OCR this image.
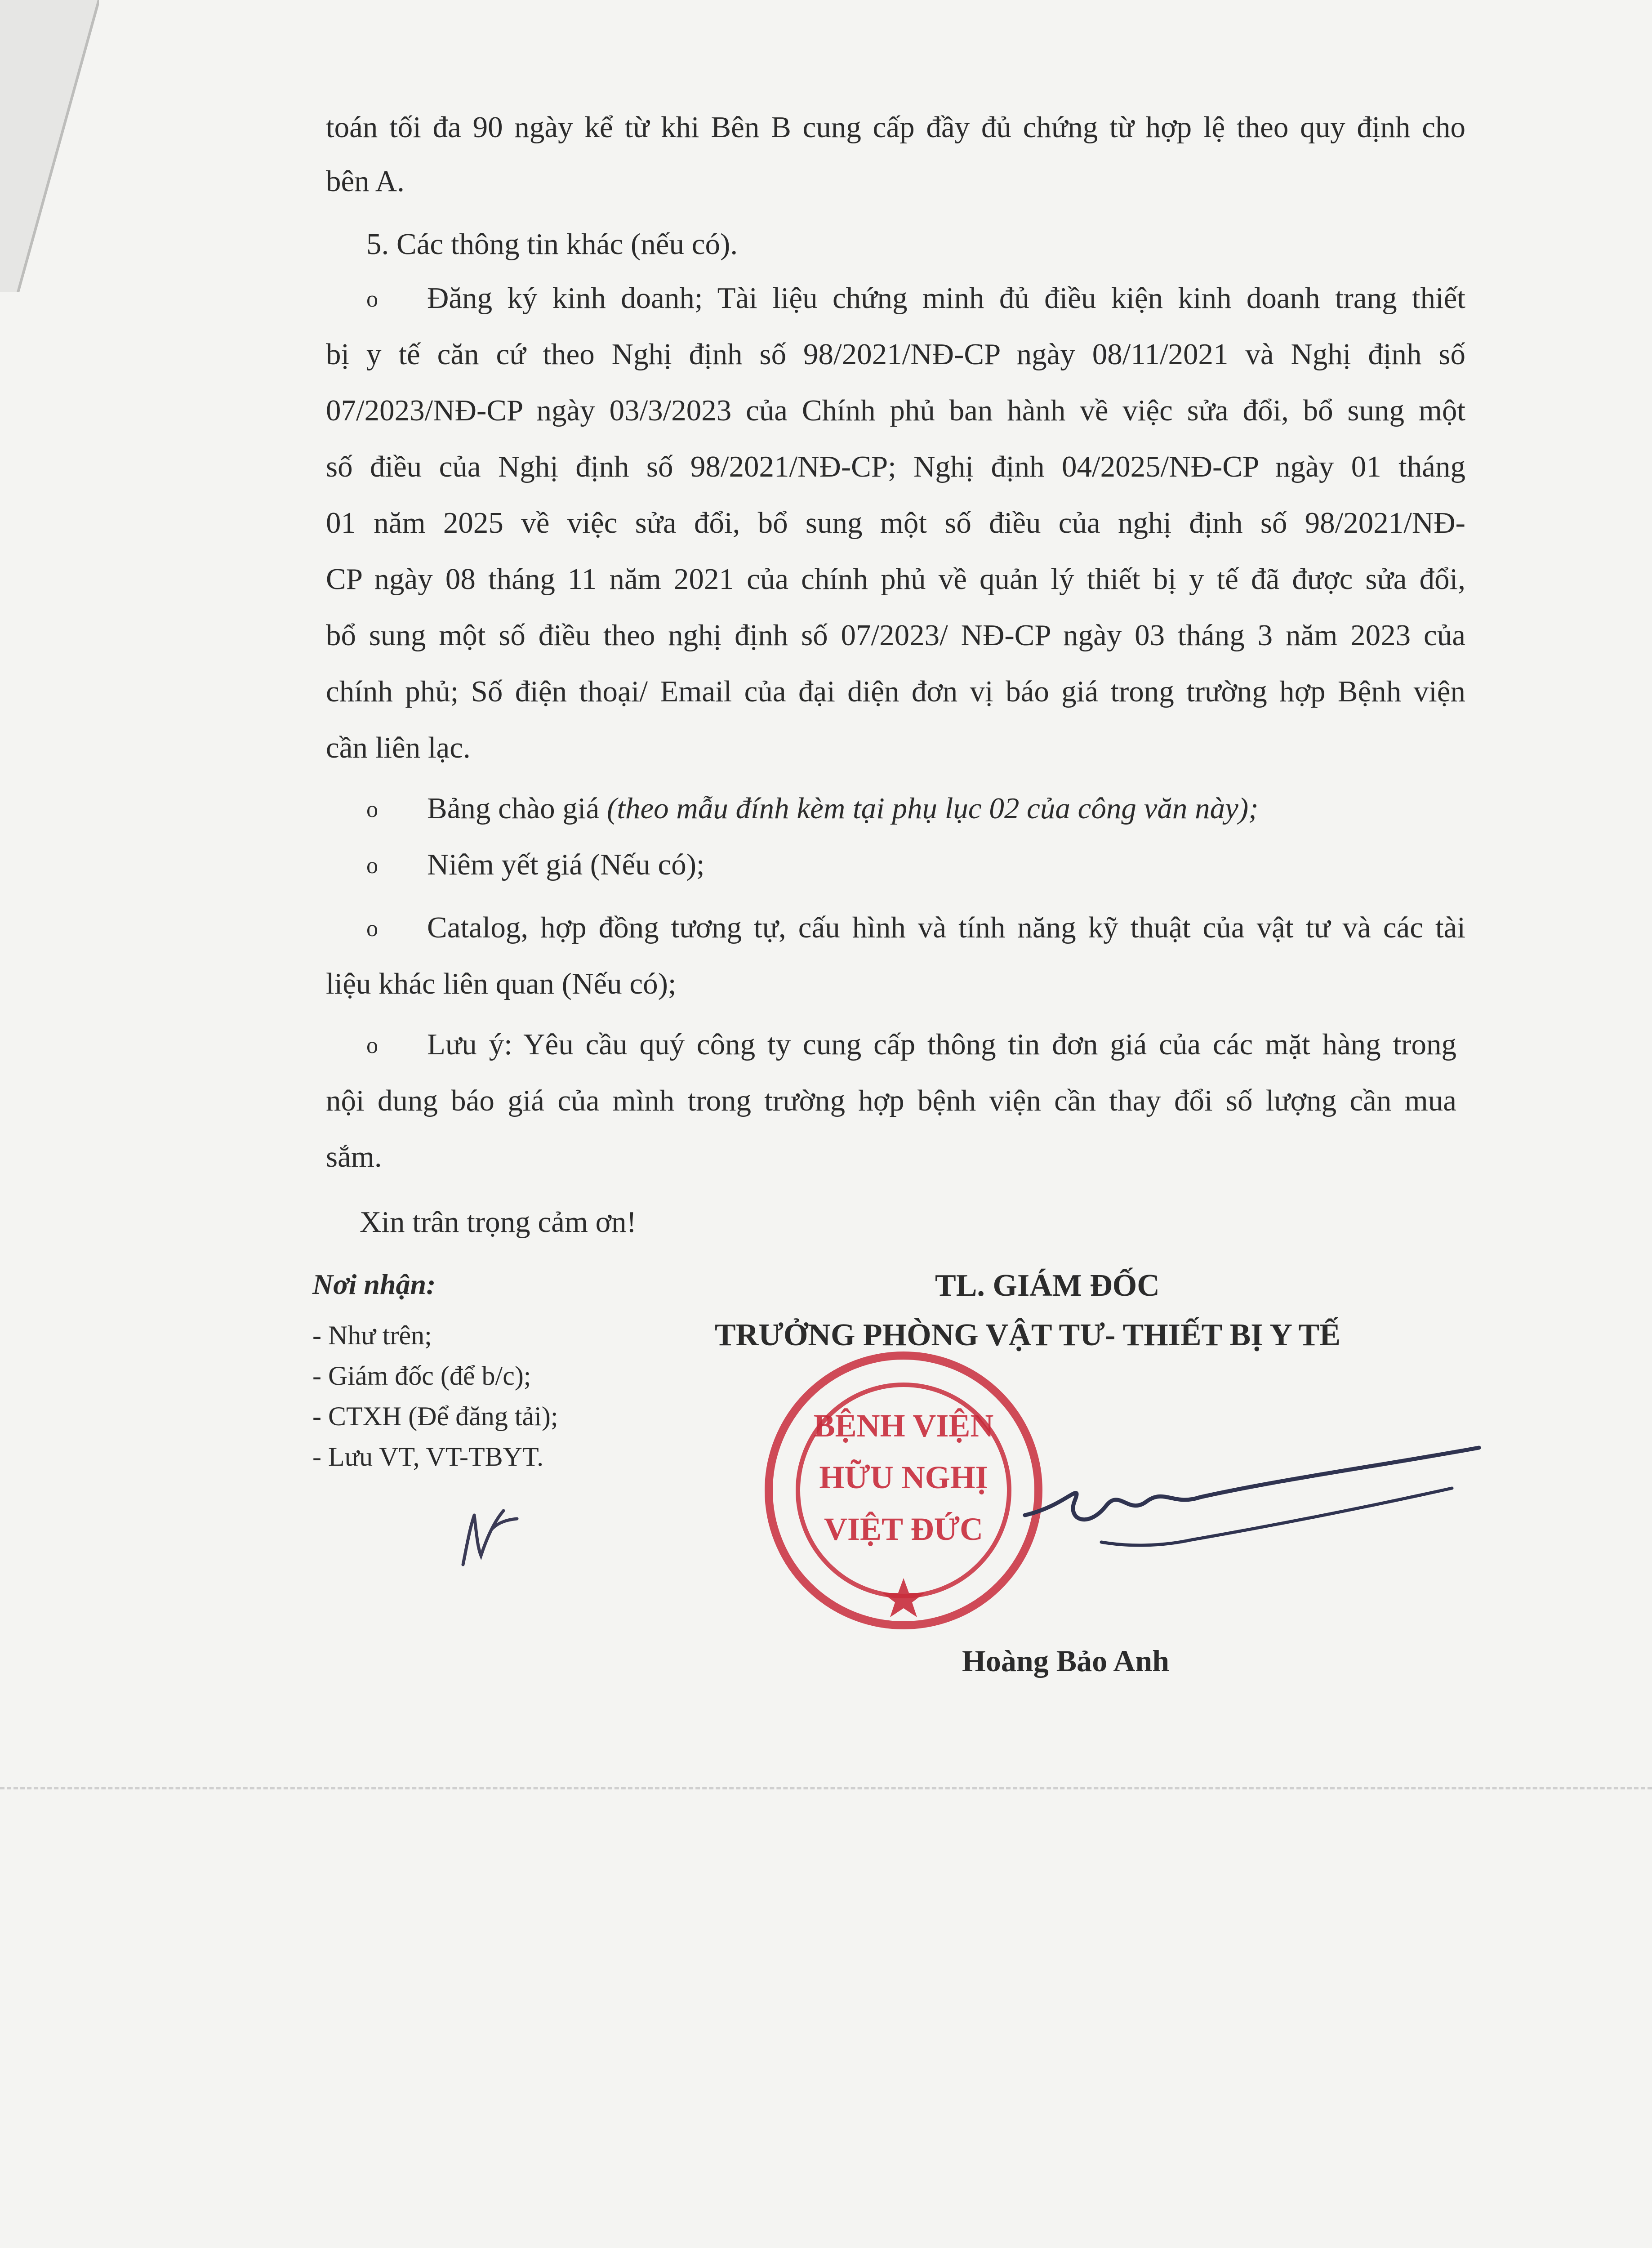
toán tối đa 90 ngày kể từ khi Bên B cung cấp đầy đủ chứng từ hợp lệ theo quy định cho
bên A.
5. Các thông tin khác (nếu có).
o Đăng ký kinh doanh; Tài liệu chứng minh đủ điều kiện kinh doanh trang thiết
bị y tế căn cứ theo Nghị định số 98/2021/NĐ-CP ngày 08/11/2021 và Nghị định số
07/2023/NĐ-CP ngày 03/3/2023 của Chính phủ ban hành về việc sửa đổi, bổ sung một
số điều của Nghị định số 98/2021/NĐ-CP; Nghị định 04/2025/NĐ-CP ngày 01 tháng
01 năm 2025 về việc sửa đổi, bổ sung một số điều của nghị định số 98/2021/NĐ-
CP ngày 08 tháng 11 năm 2021 của chính phủ về quản lý thiết bị y tế đã được sửa đổi,
bổ sung một số điều theo nghị định số 07/2023/ NĐ-CP ngày 03 tháng 3 năm 2023 của
chính phủ; Số điện thoại/ Email của đại diện đơn vị báo giá trong trường hợp Bệnh viện
cần liên lạc.
o Bảng chào giá (theo mẫu đính kèm tại phụ lục 02 của công văn này);
o Niêm yết giá (Nếu có);
o Catalog, hợp đồng tương tự, cấu hình và tính năng kỹ thuật của vật tư và các tài
liệu khác liên quan (Nếu có);
o Lưu ý: Yêu cầu quý công ty cung cấp thông tin đơn giá của các mặt hàng trong
nội dung báo giá của mình trong trường hợp bệnh viện cần thay đổi số lượng cần mua
sắm.
Xin trân trọng cảm ơn!
Nơi nhận:
- Như trên;
- Giám đốc (để b/c);
- CTXH (Để đăng tải);
- Lưu VT, VT-TBYT.
TL. GIÁM ĐỐC
TRƯỞNG PHÒNG VẬT TƯ- THIẾT BỊ Y TẾ
BỆNH VIỆN
HỮU NGHỊ
VIỆT ĐỨC
Hoàng Bảo Anh
